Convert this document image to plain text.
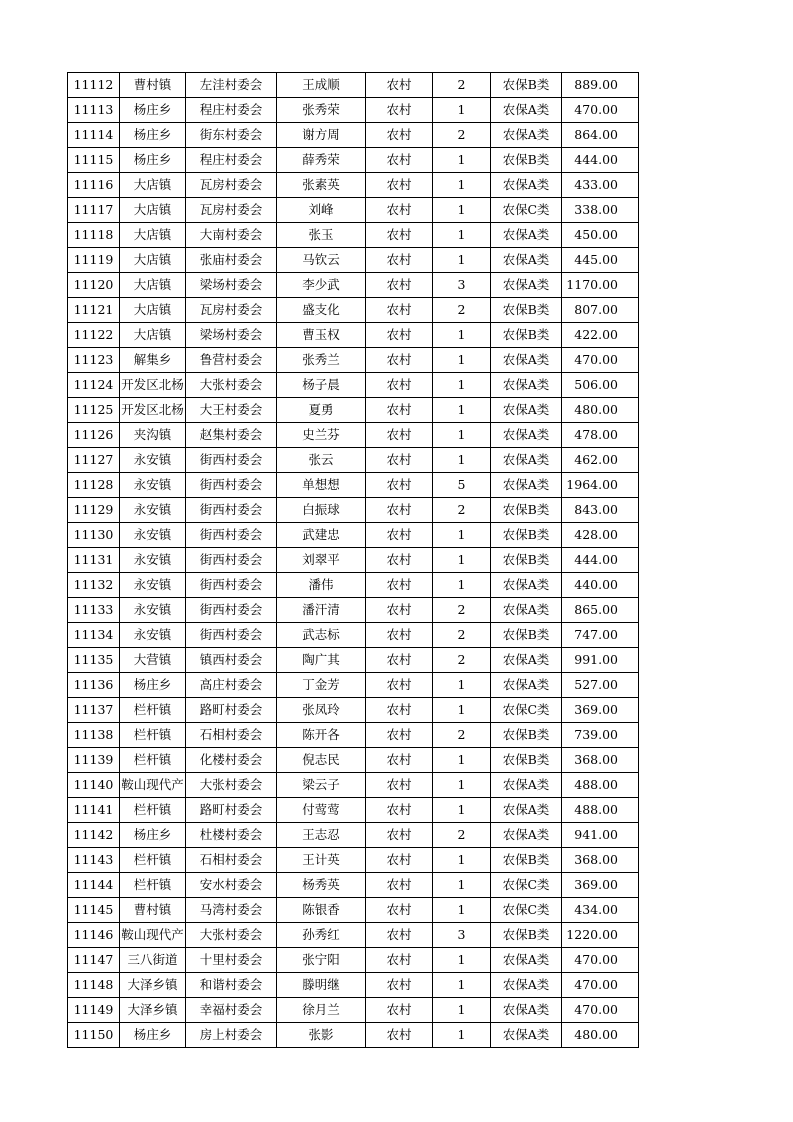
11112	曹村镇	左洼村委会	王成顺	农村	2	农保B类	889.00
11113	杨庄乡	程庄村委会	张秀荣	农村	1	农保A类	470.00
11114	杨庄乡	街东村委会	谢方周	农村	2	农保A类	864.00
11115	杨庄乡	程庄村委会	薛秀荣	农村	1	农保B类	444.00
11116	大店镇	瓦房村委会	张素英	农村	1	农保A类	433.00
11117	大店镇	瓦房村委会	刘峰	农村	1	农保C类	338.00
11118	大店镇	大南村委会	张玉	农村	1	农保A类	450.00
11119	大店镇	张庙村委会	马钦云	农村	1	农保A类	445.00
11120	大店镇	梁场村委会	李少武	农村	3	农保A类	1170.00
11121	大店镇	瓦房村委会	盛支化	农村	2	农保B类	807.00
11122	大店镇	梁场村委会	曹玉权	农村	1	农保B类	422.00
11123	解集乡	鲁营村委会	张秀兰	农村	1	农保A类	470.00
11124	开发区北杨	大张村委会	杨子晨	农村	1	农保A类	506.00
11125	开发区北杨	大王村委会	夏勇	农村	1	农保A类	480.00
11126	夹沟镇	赵集村委会	史兰芬	农村	1	农保A类	478.00
11127	永安镇	街西村委会	张云	农村	1	农保A类	462.00
11128	永安镇	街西村委会	单想想	农村	5	农保A类	1964.00
11129	永安镇	街西村委会	白振球	农村	2	农保B类	843.00
11130	永安镇	街西村委会	武建忠	农村	1	农保B类	428.00
11131	永安镇	街西村委会	刘翠平	农村	1	农保B类	444.00
11132	永安镇	街西村委会	潘伟	农村	1	农保A类	440.00
11133	永安镇	街西村委会	潘汗清	农村	2	农保A类	865.00
11134	永安镇	街西村委会	武志标	农村	2	农保B类	747.00
11135	大营镇	镇西村委会	陶广其	农村	2	农保A类	991.00
11136	杨庄乡	高庄村委会	丁金芳	农村	1	农保A类	527.00
11137	栏杆镇	路町村委会	张凤玲	农村	1	农保C类	369.00
11138	栏杆镇	石相村委会	陈开各	农村	2	农保B类	739.00
11139	栏杆镇	化楼村委会	倪志民	农村	1	农保B类	368.00
11140	鞍山现代产	大张村委会	梁云子	农村	1	农保A类	488.00
11141	栏杆镇	路町村委会	付莺莺	农村	1	农保A类	488.00
11142	杨庄乡	杜楼村委会	王志忍	农村	2	农保A类	941.00
11143	栏杆镇	石相村委会	王计英	农村	1	农保B类	368.00
11144	栏杆镇	安水村委会	杨秀英	农村	1	农保C类	369.00
11145	曹村镇	马湾村委会	陈银香	农村	1	农保C类	434.00
11146	鞍山现代产	大张村委会	孙秀红	农村	3	农保B类	1220.00
11147	三八街道	十里村委会	张宁阳	农村	1	农保A类	470.00
11148	大泽乡镇	和谐村委会	滕明继	农村	1	农保A类	470.00
11149	大泽乡镇	幸福村委会	徐月兰	农村	1	农保A类	470.00
11150	杨庄乡	房上村委会	张影	农村	1	农保A类	480.00
